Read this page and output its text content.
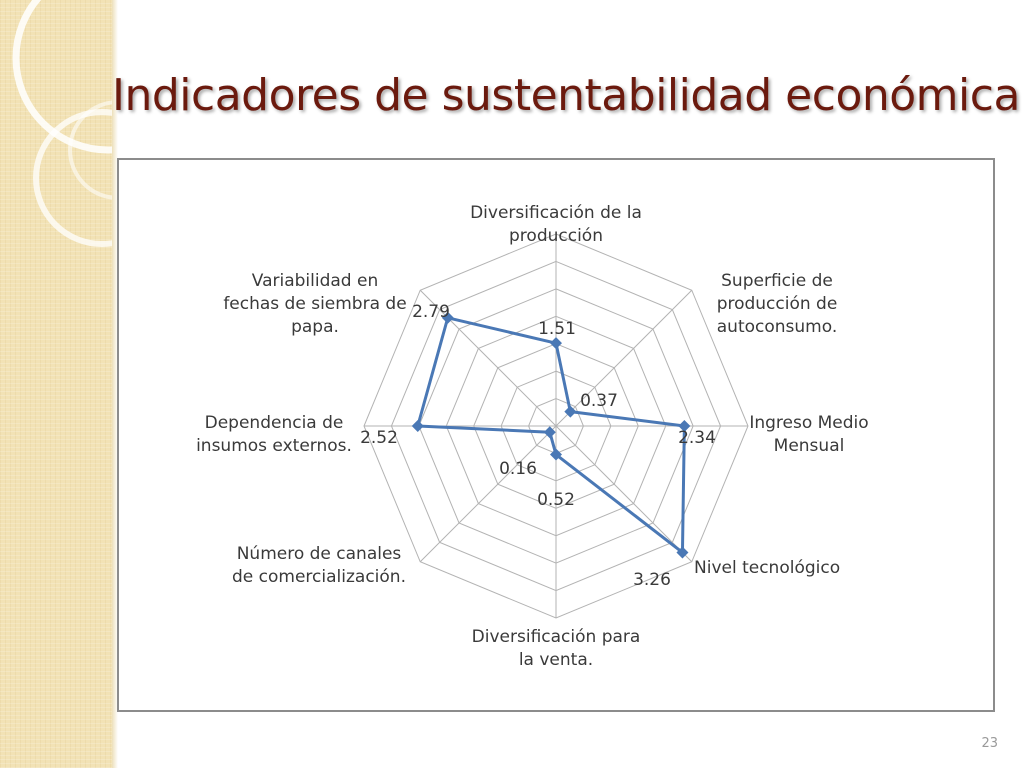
Indicadores de sustentabilidad económica
Diversificación de la producción
Superficie de producción de autoconsumo.
Ingreso Medio Mensual
Nivel tecnológico
Diversificación para la venta.
Número de canales de comercialización.
Dependencia de insumos externos.
Variabilidad en fechas de siembra de papa.	1.51
0.37
2.34
3.26
0.52
0.16
2.52
2.79
23
